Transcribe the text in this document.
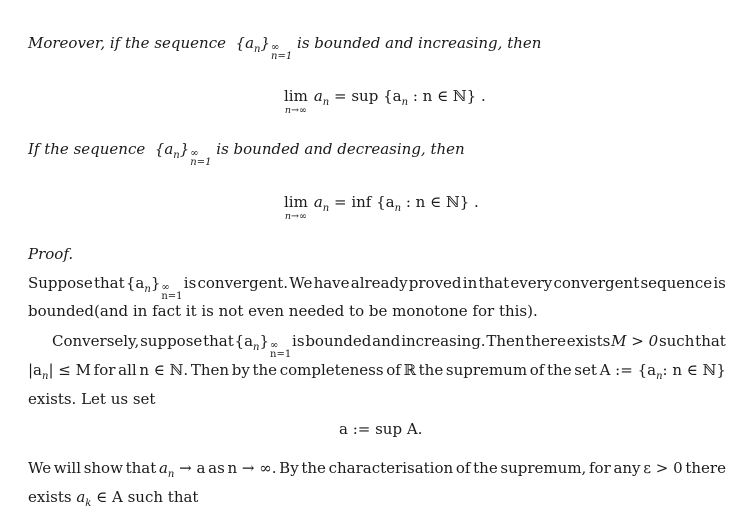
Moreover, if the sequence $\{a_n\}$ ∞
n=1
is bounded and increasing, then
lim
n→∞
$a_n$ = sup {$a_n$ : n ∈ ℕ} .
If the sequence $\{a_n\}$ ∞
n=1
is bounded and decreasing, then
lim
n→∞
$a_n$ = inf {$a_n$ : n ∈ ℕ} .
Proof.
Suppose that $\{a_n\}$ ∞
n=1
is convergent. We have already proved in that every convergent sequence is
bounded(and in fact it is not even needed to be monotone for this).
Conversely, suppose that $\{a_n\}$ ∞
n=1
is bounded and increasing. Then there exists M > 0 such that
$|a_n| \le M$ for all n ∈ ℕ. Then by the completeness of ℝ the supremum of the set A := {$a_n$: n ∈ ℕ}
exists. Let us set
a := sup A.
We will show that $a_n \to a$ as n → ∞. By the characterisation of the supremum, for any ε > 0 there
exists $a_k$ ∈ A such that
